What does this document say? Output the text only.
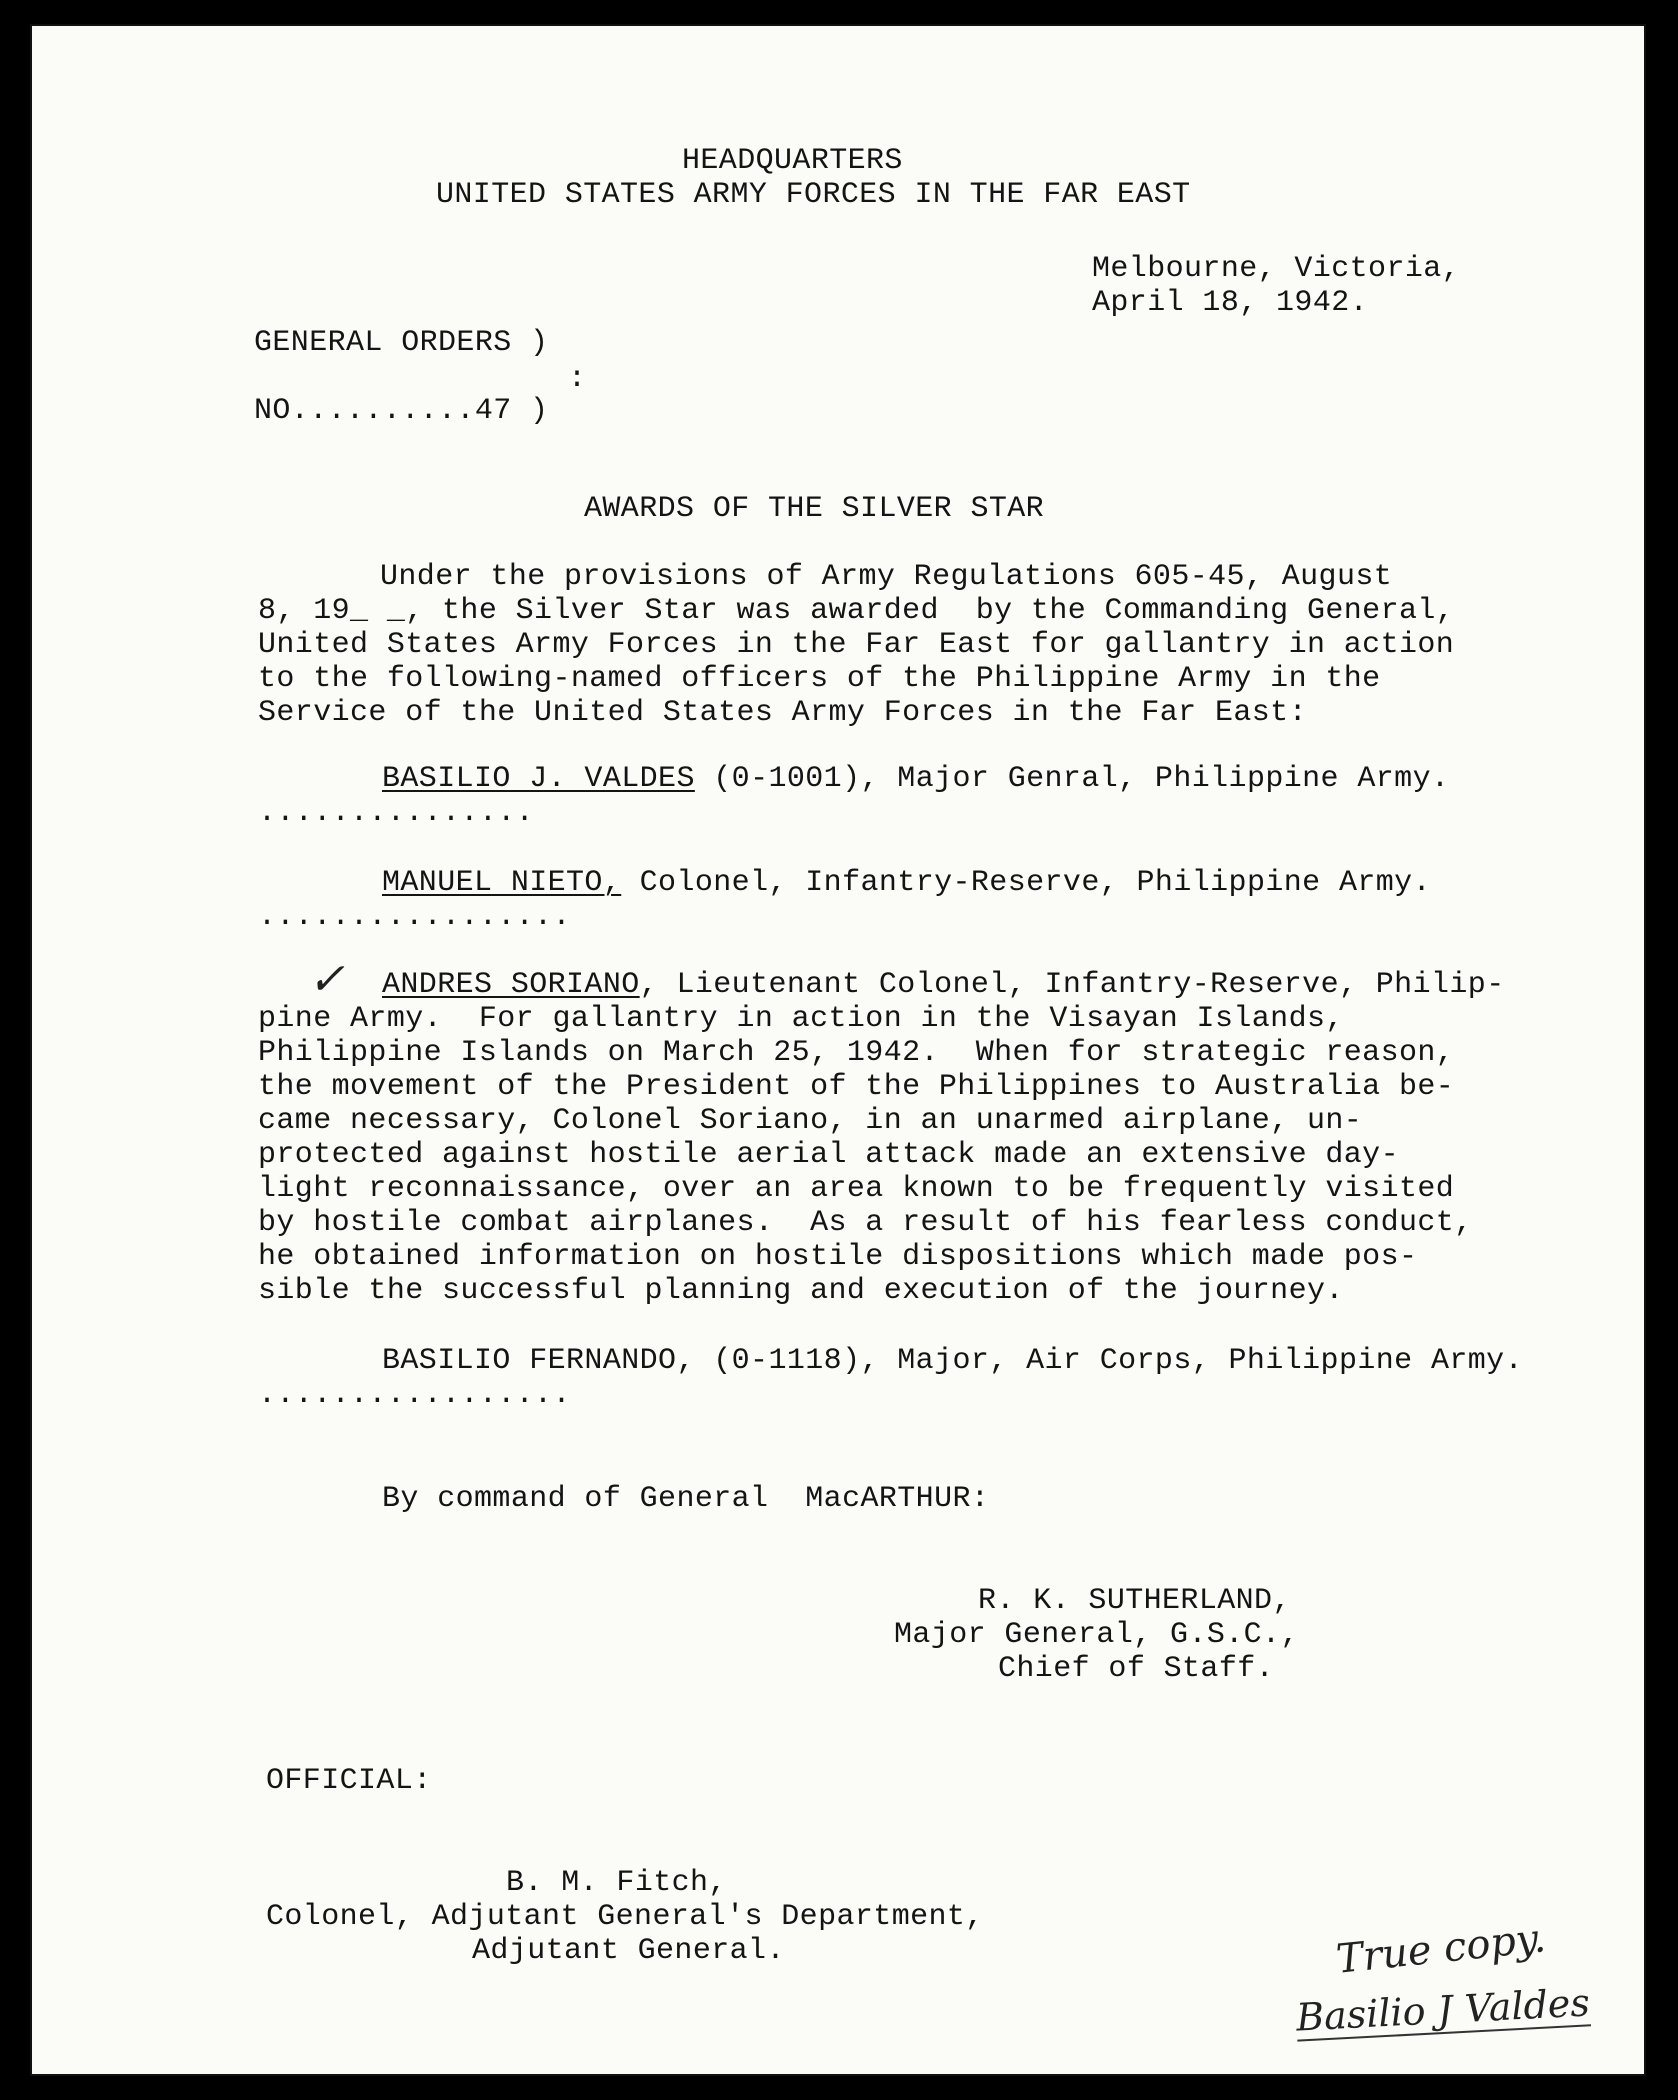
HEADQUARTERS
UNITED STATES ARMY FORCES IN THE FAR EAST
Melbourne, Victoria,
April 18, 1942.
GENERAL ORDERS )
:
NO..........47 )
AWARDS OF THE SILVER STAR
Under the provisions of Army Regulations 605-45, August
8, 19_ _, the Silver Star was awarded  by the Commanding General,
United States Army Forces in the Far East for gallantry in action
to the following-named officers of the Philippine Army in the
Service of the United States Army Forces in the Far East:
BASILIO J. VALDES (0-1001), Major Genral, Philippine Army.
...............
MANUEL NIETO, Colonel, Infantry-Reserve, Philippine Army.
.................
✓ ANDRES SORIANO, Lieutenant Colonel, Infantry-Reserve, Philip-
pine Army.  For gallantry in action in the Visayan Islands,
Philippine Islands on March 25, 1942.  When for strategic reason,
the movement of the President of the Philippines to Australia be-
came necessary, Colonel Soriano, in an unarmed airplane, un-
protected against hostile aerial attack made an extensive day-
light reconnaissance, over an area known to be frequently visited
by hostile combat airplanes.  As a result of his fearless conduct,
he obtained information on hostile dispositions which made pos-
sible the successful planning and execution of the journey.
BASILIO FERNANDO, (0-1118), Major, Air Corps, Philippine Army.
.................
By command of General  MacARTHUR:
R. K. SUTHERLAND,
Major General, G.S.C.,
Chief of Staff.
OFFICIAL:
B. M. Fitch,
Colonel, Adjutant General's Department,
Adjutant General.	True copy.
Basilio J Valdes
